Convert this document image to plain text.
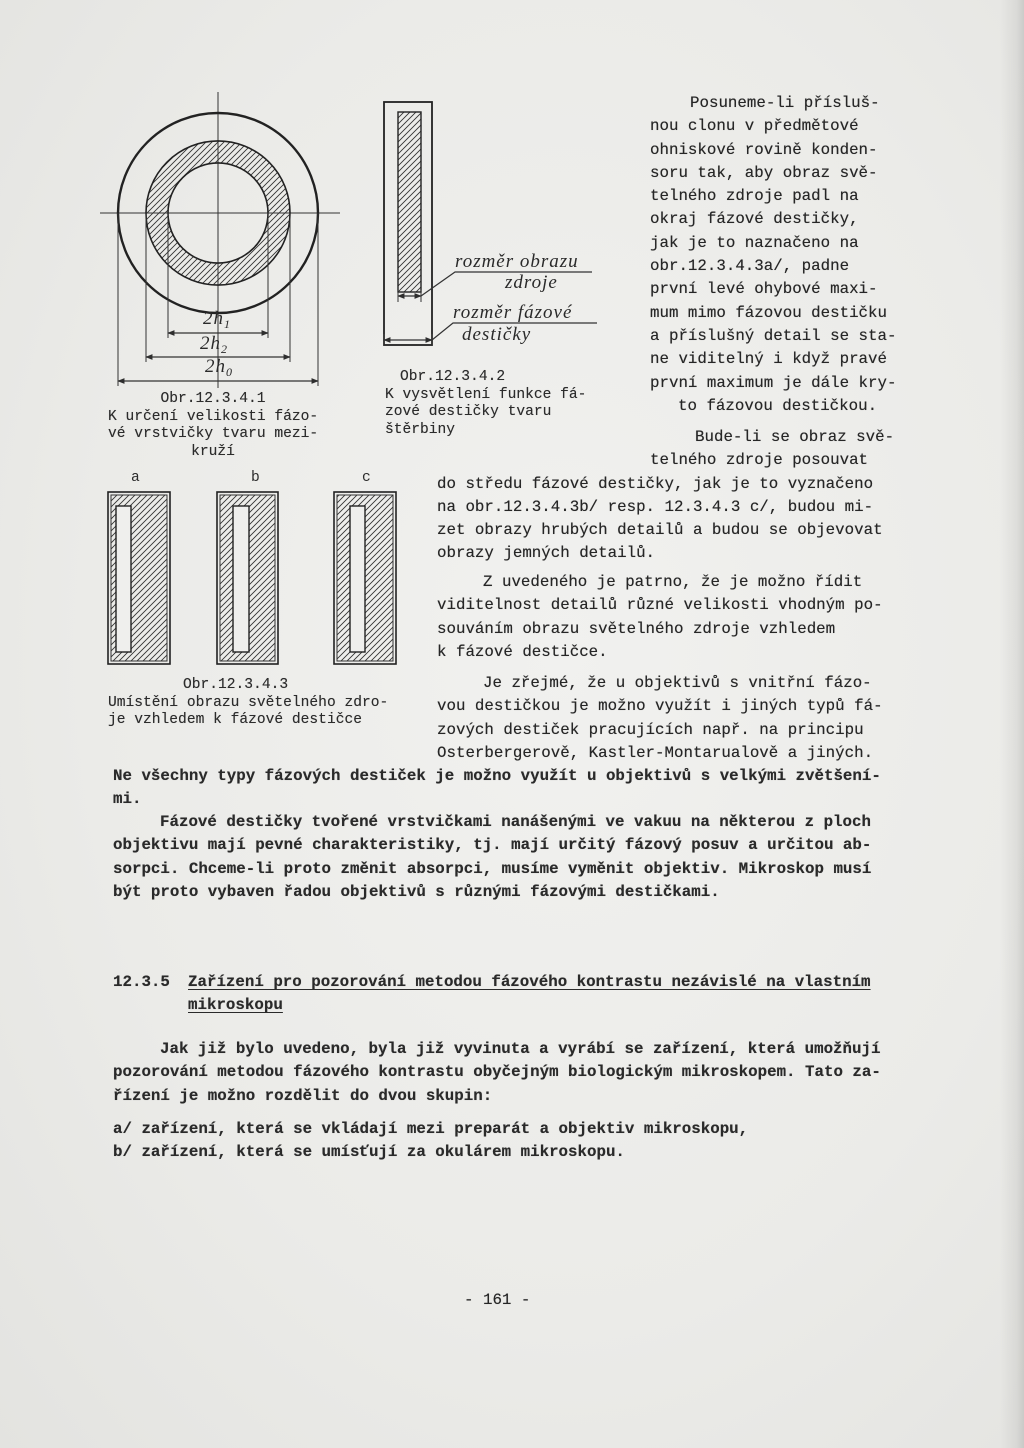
$2h_1$
$2h_2$
$2h_0$
Obr.12.3.4.1
K určení velikosti fázo-
vé vrstvičky tvaru mezi-
kruží
rozměr obrazu
zdroje
rozměr fázové
destičky
Obr.12.3.4.2
K vysvětlení funkce fá-
zové destičky tvaru
štěrbiny
a	b	c
Obr.12.3.4.3
Umístění obrazu světelného zdro-
je vzhledem k fázové destičce
Posuneme-li přísluš-
nou clonu v předmětové
ohniskové rovině konden-
soru tak, aby obraz svě-
telného zdroje padl na
okraj fázové destičky,
jak je to naznačeno na
obr.12.3.4.3a/, padne
první levé ohybové maxi-
mum mimo fázovou destičku
a příslušný detail se sta-
ne viditelný i když pravé
první maximum je dále kry-
to fázovou destičkou.
Bude-li se obraz svě-
telného zdroje posouvat
do středu fázové destičky, jak je to vyznačeno
na obr.12.3.4.3b/ resp. 12.3.4.3 c/, budou mi-
zet obrazy hrubých detailů a budou se objevovat
obrazy jemných detailů.
Z uvedeného je patrno, že je možno řídit
viditelnost detailů různé velikosti vhodným po-
souváním obrazu světelného zdroje vzhledem
k fázové destičce.
Je zřejmé, že u objektivů s vnitřní fázo-
vou destičkou je možno využít i jiných typů fá-
zových destiček pracujících např. na principu
Osterbergerově, Kastler-Montarualově a jiných.
Ne všechny typy fázových destiček je možno využít u objektivů s velkými zvětšení-
mi.
Fázové destičky tvořené vrstvičkami nanášenými ve vakuu na některou z ploch
objektivu mají pevné charakteristiky, tj. mají určitý fázový posuv a určitou ab-
sorpci. Chceme-li proto změnit absorpci, musíme vyměnit objektiv. Mikroskop musí
být proto vybaven řadou objektivů s různými fázovými destičkami.
12.3.5 Zařízení pro pozorování metodou fázového kontrastu nezávislé na vlastním
mikroskopu
Jak již bylo uvedeno, byla již vyvinuta a vyrábí se zařízení, která umožňují
pozorování metodou fázového kontrastu obyčejným biologickým mikroskopem. Tato za-
řízení je možno rozdělit do dvou skupin:
a/ zařízení, která se vkládají mezi preparát a objektiv mikroskopu,
b/ zařízení, která se umísťují za okulárem mikroskopu.
- 161 -
